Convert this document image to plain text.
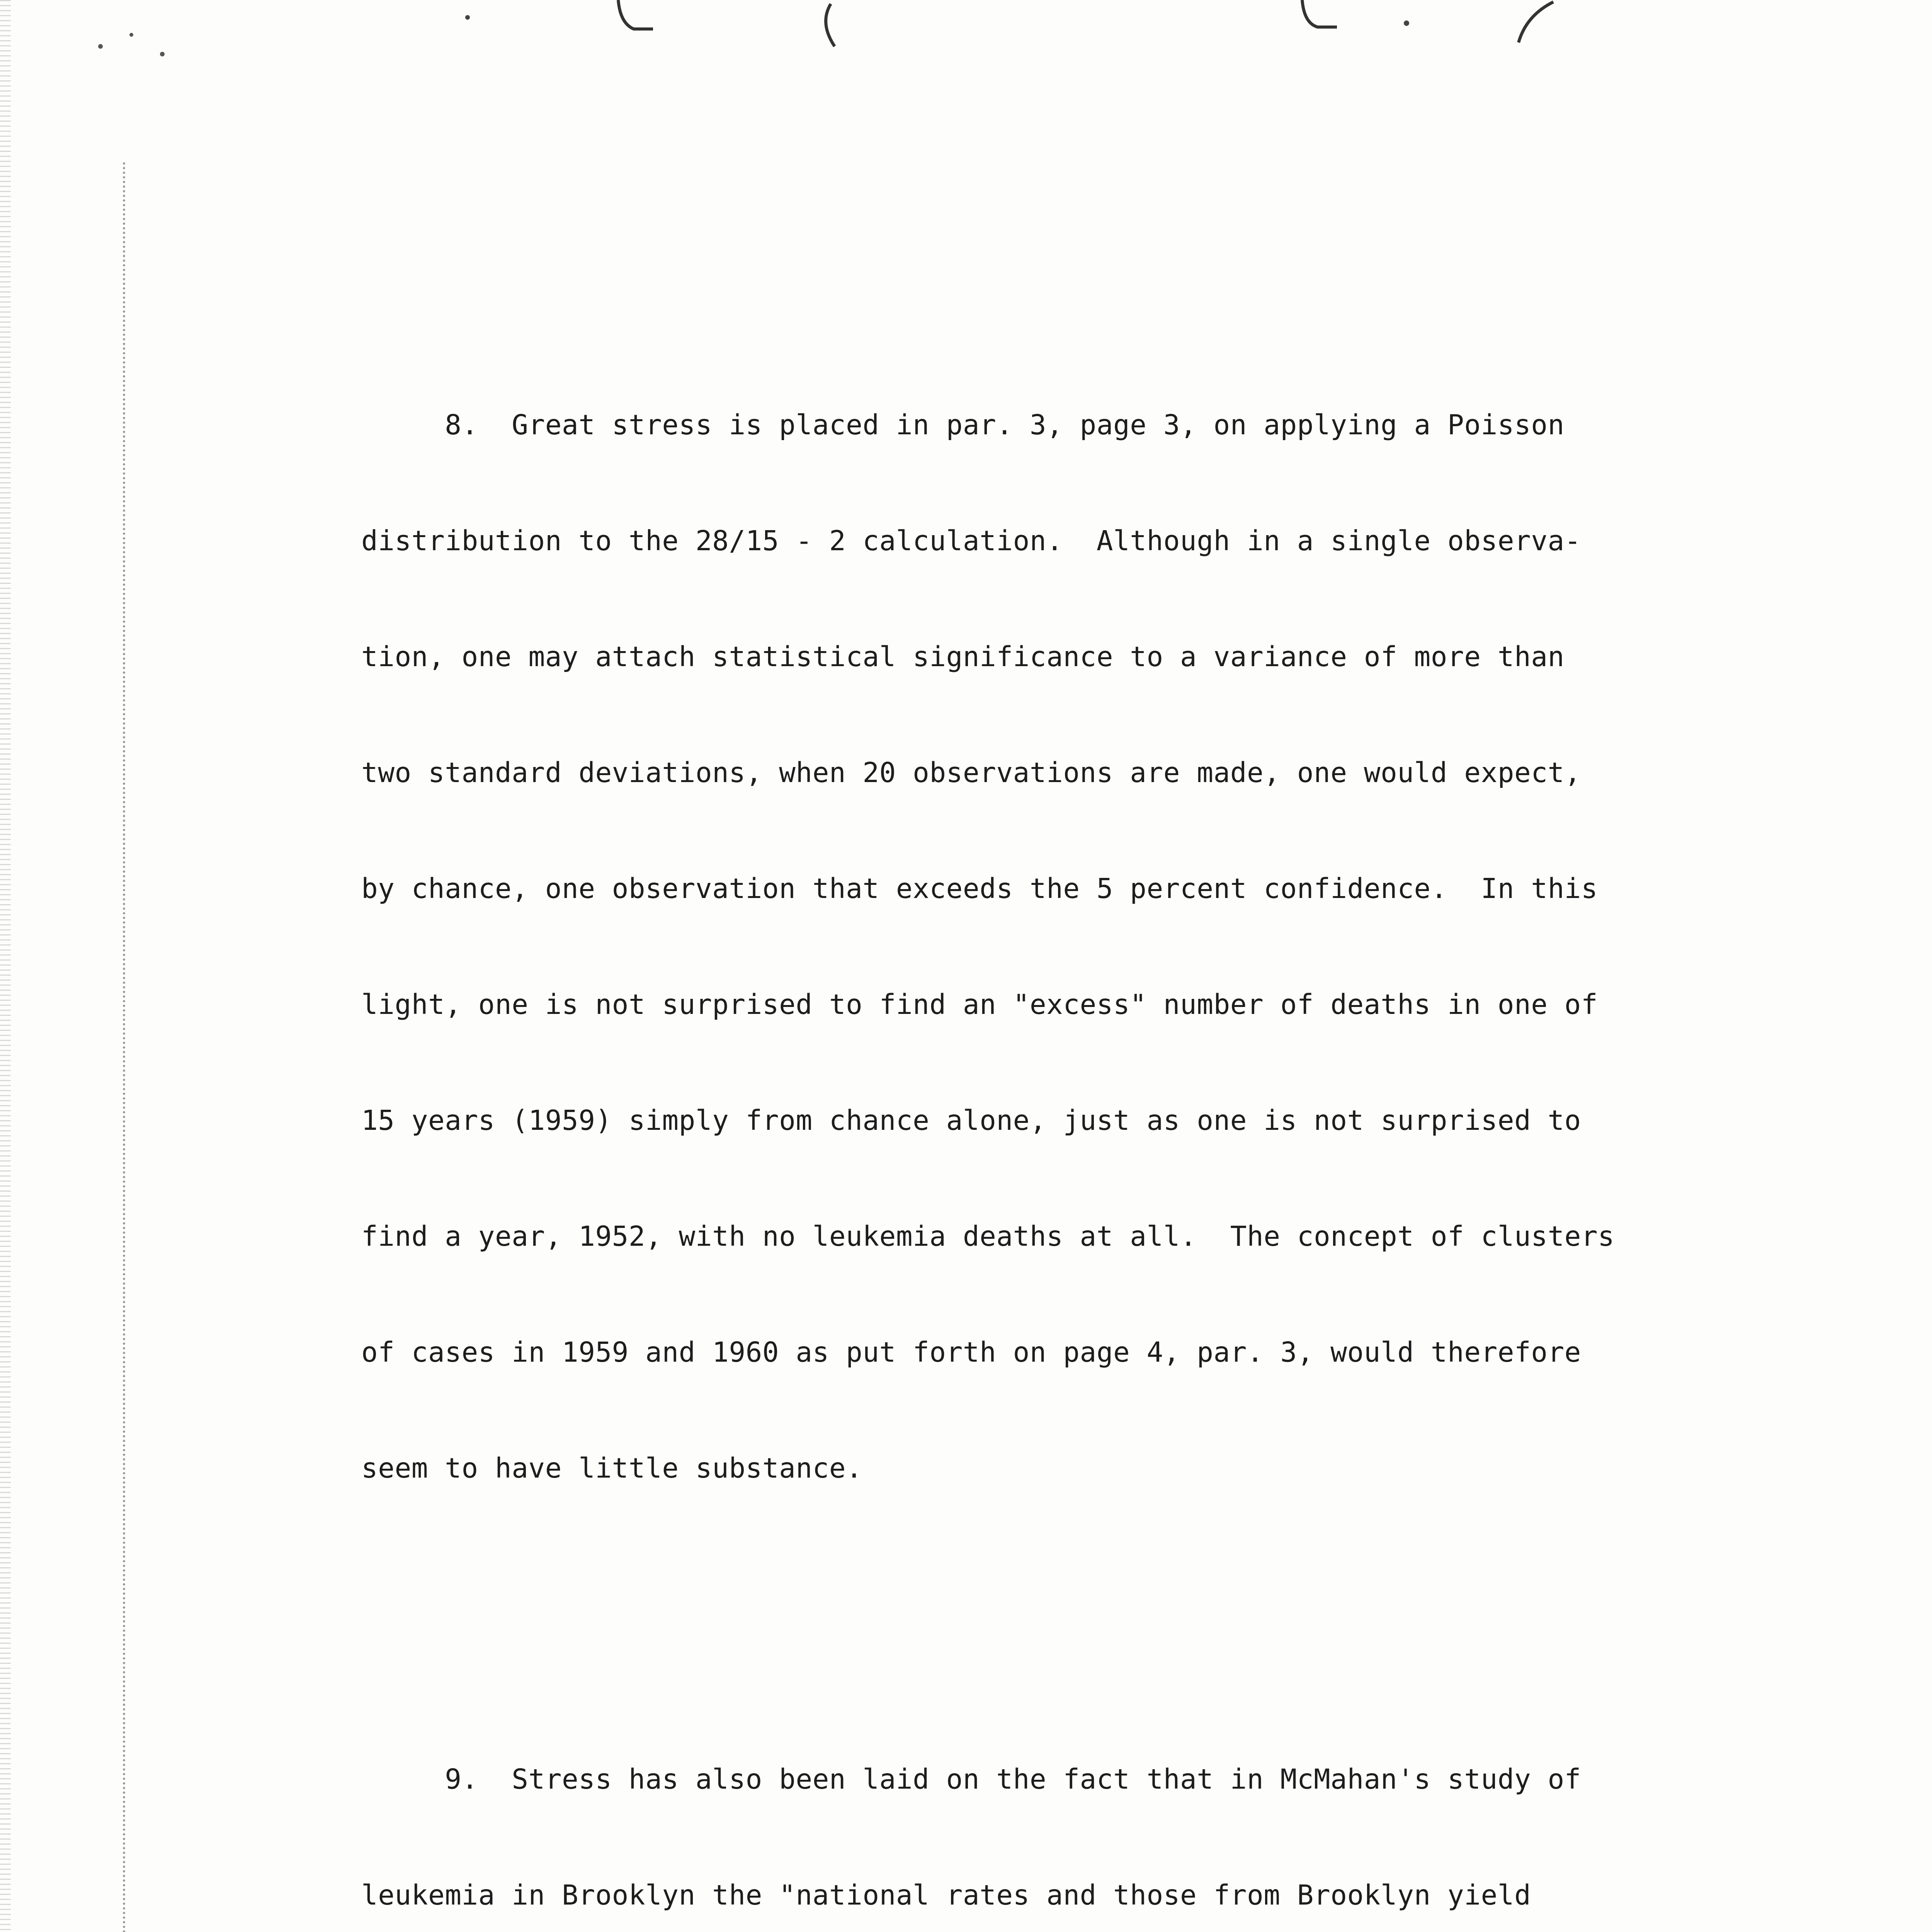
8.  Great stress is placed in par. 3, page 3, on applying a Poisson

distribution to the 28/15 - 2 calculation.  Although in a single observa-

tion, one may attach statistical significance to a variance of more than

two standard deviations, when 20 observations are made, one would expect,

by chance, one observation that exceeds the 5 percent confidence.  In this

light, one is not surprised to find an "excess" number of deaths in one of

15 years (1959) simply from chance alone, just as one is not surprised to

find a year, 1952, with no leukemia deaths at all.  The concept of clusters

of cases in 1959 and 1960 as put forth on page 4, par. 3, would therefore

seem to have little substance.

9.  Stress has also been laid on the fact that in McMahan's study of

leukemia in Brooklyn the "national rates and those from Brooklyn yield
